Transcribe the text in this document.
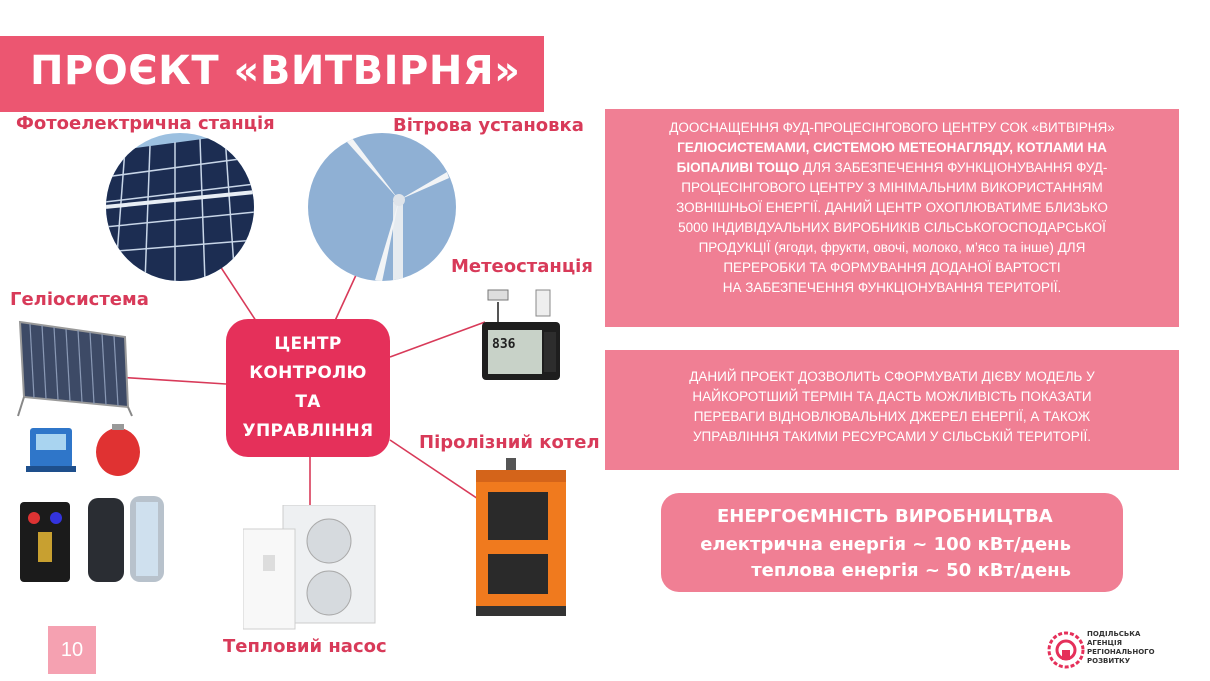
ПРОЄКТ «ВИТВІРНЯ»
836
Фотоелектрична станція	Вітрова установка
Метеостанція
Геліосистема
Піролізний котел
Тепловий насос
ЦЕНТР
КОНТРОЛЮ
ТА
УПРАВЛІННЯ
ДООСНАЩЕННЯ ФУД-ПРОЦЕСІНГОВОГО ЦЕНТРУ СОК «ВИТВІРНЯ»
ГЕЛІОСИСТЕМАМИ, СИСТЕМОЮ МЕТЕОНАГЛЯДУ, КОТЛАМИ НА
БІОПАЛИВІ ТОЩО ДЛЯ ЗАБЕЗПЕЧЕННЯ ФУНКЦІОНУВАННЯ ФУД-
ПРОЦЕСІНГОВОГО ЦЕНТРУ З МІНІМАЛЬНИМ ВИКОРИСТАННЯМ
ЗОВНІШНЬОЇ ЕНЕРГІЇ. ДАНИЙ ЦЕНТР ОХОПЛЮВАТИМЕ БЛИЗЬКО
5000 ІНДИВІДУАЛЬНИХ ВИРОБНИКІВ СІЛЬСЬКОГОСПОДАРСЬКОЇ
ПРОДУКЦІЇ (ягоди, фрукти, овочі, молоко, м’ясо та інше) ДЛЯ
ПЕРЕРОБКИ ТА ФОРМУВАННЯ ДОДАНОЇ ВАРТОСТІ
НА ЗАБЕЗПЕЧЕННЯ ФУНКЦІОНУВАННЯ ТЕРИТОРІЇ.
ДАНИЙ ПРОЕКТ ДОЗВОЛИТЬ СФОРМУВАТИ ДІЄВУ МОДЕЛЬ У
НАЙКОРОТШИЙ ТЕРМІН ТА ДАСТЬ МОЖЛИВІСТЬ ПОКАЗАТИ
ПЕРЕВАГИ ВІДНОВЛЮВАЛЬНИХ ДЖЕРЕЛ ЕНЕРГІЇ, А ТАКОЖ
УПРАВЛІННЯ ТАКИМИ РЕСУРСАМИ У СІЛЬСЬКІЙ ТЕРИТОРІЇ.
ЕНЕРГОЄМНІСТЬ ВИРОБНИЦТВА
електрична енергія ~ 100 кВт/день
теплова енергія ~ 50 кВт/день
10
ПОДІЛЬСЬКА
АГЕНЦІЯ
РЕГІОНАЛЬНОГО
РОЗВИТКУ
